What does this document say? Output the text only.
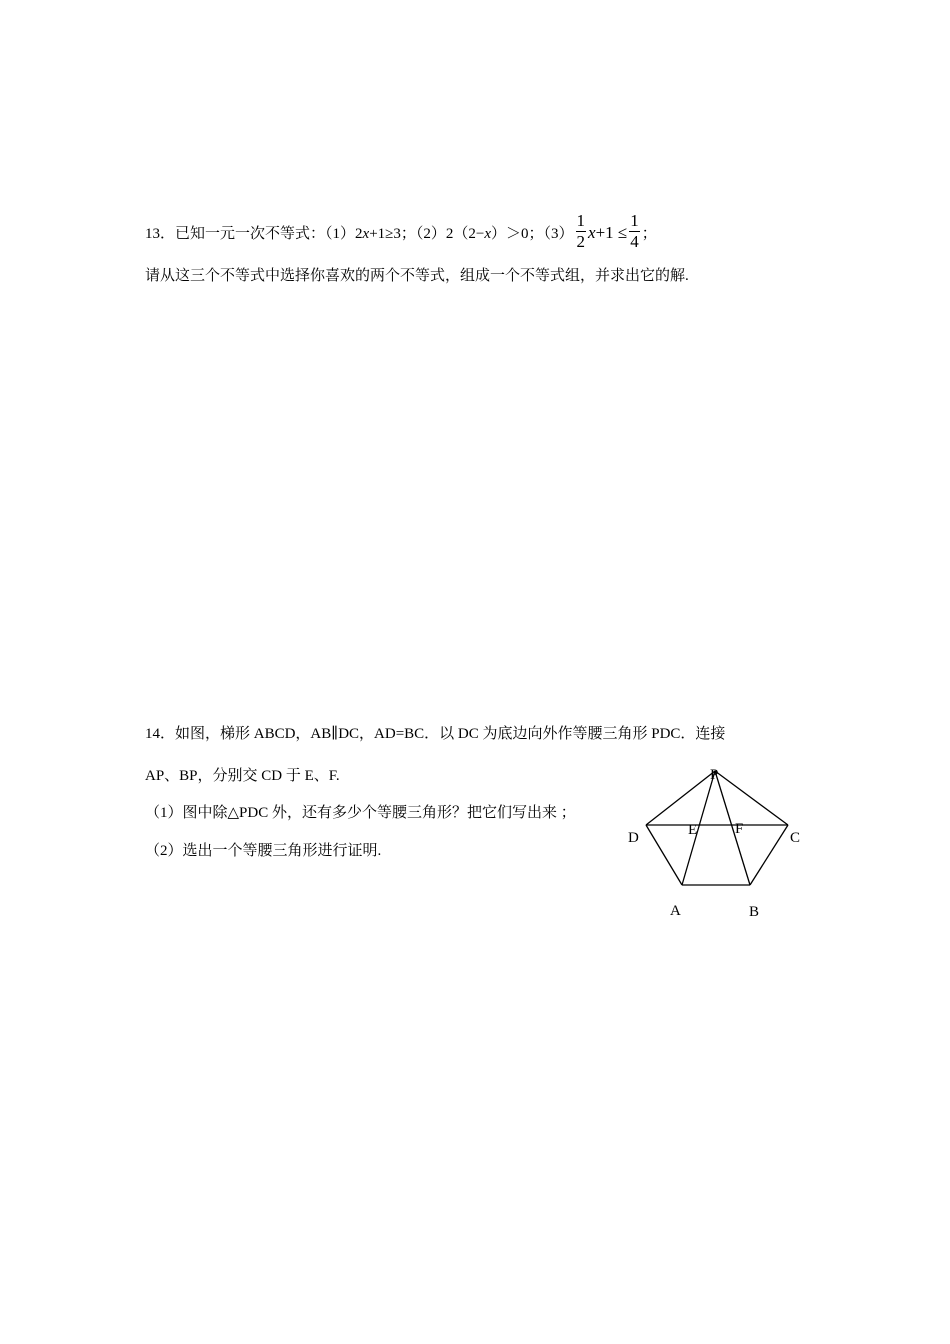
13．已知一元一次不等式：（1）2x+1≥3；（2）2（2−x）＞0；$(3) \frac{1}{2} x+1 \le \frac{1}{4}$ ；
请从这三个不等式中选择你喜欢的两个不等式，组成一个不等式组，并求出它的解.
14．如图，梯形 ABCD，AB∥DC，AD=BC．以 DC 为底边向外作等腰三角形 PDC．连接
AP、BP，分别交 CD 于 E、F.
（1）图中除△PDC 外，还有多少个等腰三角形？把它们写出来 ；
（2）选出一个等腰三角形进行证明.
P
D	C
E	F
A	B
